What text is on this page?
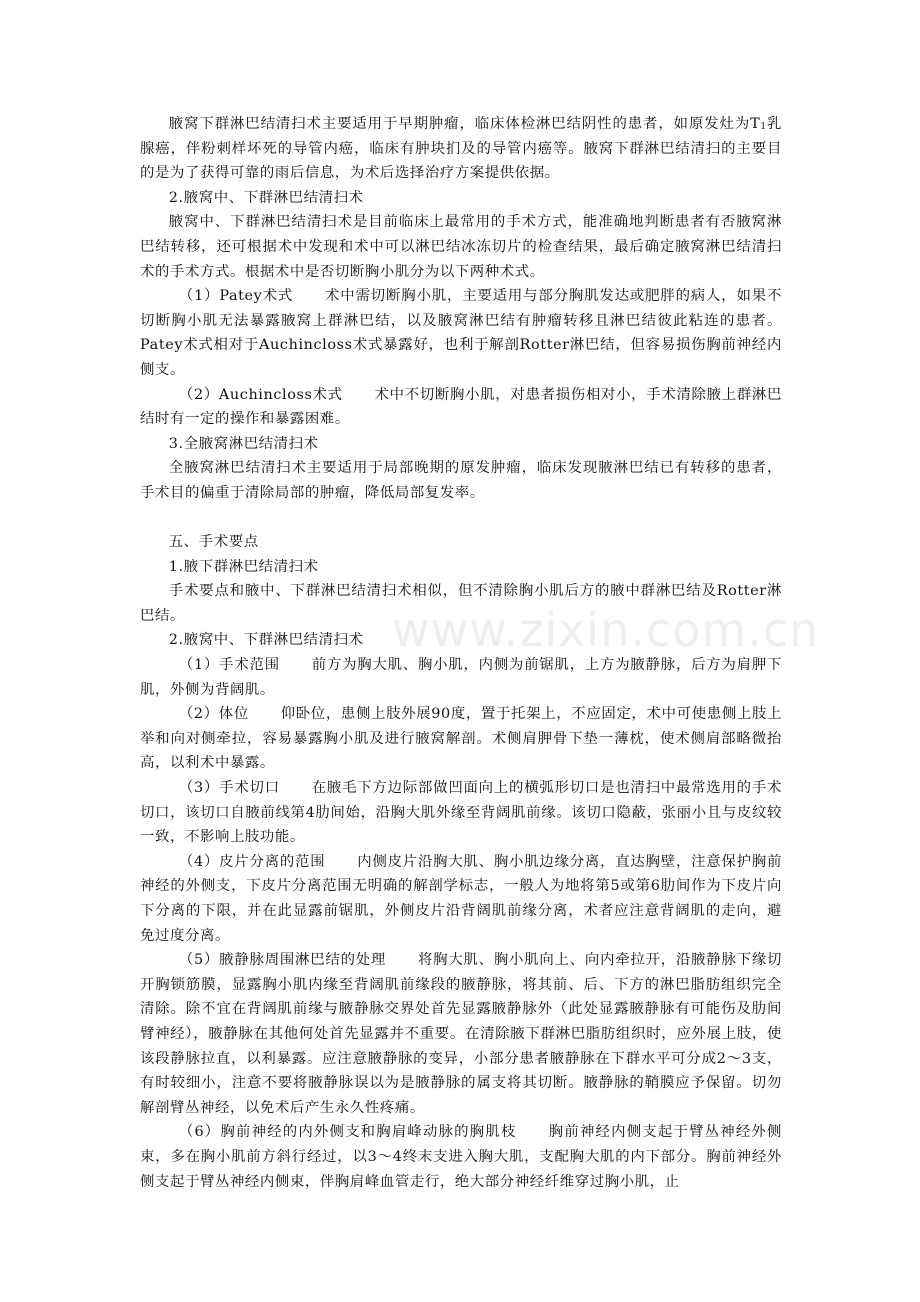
腋窝下群淋巴结清扫术主要适用于早期肿瘤，临床体检淋巴结阴性的患者，如原发灶为$T_1$乳腺癌，伴粉刺样坏死的导管内癌，临床有肿块扪及的导管内癌等。腋窝下群淋巴结清扫的主要目的是为了获得可靠的雨后信息，为术后选择治疗方案提供依据。

2.腋窝中、下群淋巴结清扫术

腋窝中、下群淋巴结清扫术是目前临床上最常用的手术方式，能准确地判断患者有否腋窝淋巴结转移，还可根据术中发现和术中可以淋巴结冰冻切片的检查结果，最后确定腋窝淋巴结清扫术的手术方式。根据术中是否切断胸小肌分为以下两种术式。

（1）Patey术式 术中需切断胸小肌，主要适用与部分胸肌发达或肥胖的病人，如果不切断胸小肌无法暴露腋窝上群淋巴结，以及腋窝淋巴结有肿瘤转移且淋巴结彼此粘连的患者。Patey术式相对于Auchincloss术式暴露好，也利于解剖Rotter淋巴结，但容易损伤胸前神经内侧支。

（2）Auchincloss术式 术中不切断胸小肌，对患者损伤相对小，手术清除腋上群淋巴结时有一定的操作和暴露困难。

3.全腋窝淋巴结清扫术

全腋窝淋巴结清扫术主要适用于局部晚期的原发肿瘤，临床发现腋淋巴结已有转移的患者，手术目的偏重于清除局部的肿瘤，降低局部复发率。

五、手术要点

1.腋下群淋巴结清扫术

手术要点和腋中、下群淋巴结清扫术相似，但不清除胸小肌后方的腋中群淋巴结及Rotter淋巴结。

2.腋窝中、下群淋巴结清扫术

（1）手术范围 前方为胸大肌、胸小肌，内侧为前锯肌，上方为腋静脉，后方为肩胛下肌，外侧为背阔肌。

（2）体位 仰卧位，患侧上肢外展90度，置于托架上，不应固定，术中可使患侧上肢上举和向对侧牵拉，容易暴露胸小肌及进行腋窝解剖。术侧肩胛骨下垫一薄枕，使术侧肩部略微抬高，以利术中暴露。

（3）手术切口 在腋毛下方边际部做凹面向上的横弧形切口是也清扫中最常选用的手术切口，该切口自腋前线第4肋间始，沿胸大肌外缘至背阔肌前缘。该切口隐蔽，张丽小且与皮纹较一致，不影响上肢功能。

（4）皮片分离的范围 内侧皮片沿胸大肌、胸小肌边缘分离，直达胸壁，注意保护胸前神经的外侧支，下皮片分离范围无明确的解剖学标志，一般人为地将第5或第6肋间作为下皮片向下分离的下限，并在此显露前锯肌，外侧皮片沿背阔肌前缘分离，术者应注意背阔肌的走向，避免过度分离。

（5）腋静脉周围淋巴结的处理 将胸大肌、胸小肌向上、向内牵拉开，沿腋静脉下缘切开胸锁筋膜，显露胸小肌内缘至背阔肌前缘段的腋静脉，将其前、后、下方的淋巴脂肪组织完全清除。除不宜在背阔肌前缘与腋静脉交界处首先显露腋静脉外（此处显露腋静脉有可能伤及肋间臂神经），腋静脉在其他何处首先显露并不重要。在清除腋下群淋巴脂肪组织时，应外展上肢，使该段静脉拉直，以利暴露。应注意腋静脉的变异，小部分患者腋静脉在下群水平可分成2～3支，有时较细小，注意不要将腋静脉误以为是腋静脉的属支将其切断。腋静脉的鞘膜应予保留。切勿解剖臂丛神经，以免术后产生永久性疼痛。

（6）胸前神经的内外侧支和胸肩峰动脉的胸肌枝 胸前神经内侧支起于臂丛神经外侧束，多在胸小肌前方斜行经过，以3～4终末支进入胸大肌，支配胸大肌的内下部分。胸前神经外侧支起于臂丛神经内侧束，伴胸肩峰血管走行，绝大部分神经纤维穿过胸小肌，止

www.zixin.com.cn
